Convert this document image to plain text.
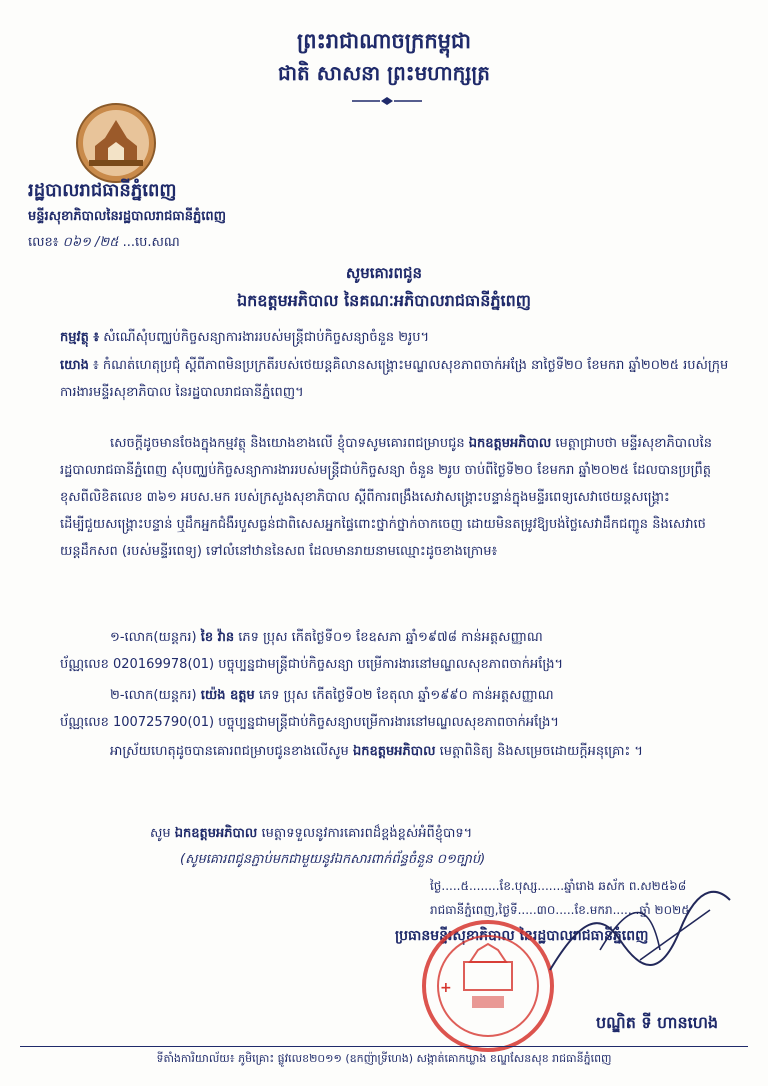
ព្រះរាជាណាចក្រកម្ពុជា
ជាតិ សាសនា ព្រះមហាក្សត្រ
រដ្ឋបាលរាជធានីភ្នំពេញ
មន្ទីរសុខាភិបាលនៃរដ្ឋបាលរាជធានីភ្នំពេញ
លេខ៖ ០៦១ /២៥ ...បេ.សណ
សូមគោរពជូន
ឯកឧត្តមអភិបាល នៃគណៈអភិបាលរាជធានីភ្នំពេញ
កម្មវត្ថុ ៖ សំណើសុំបញ្ឈប់កិច្ចសន្យាការងាររបស់មន្ត្រីជាប់កិច្ចសន្យាចំនួន ២រូប។
យោង ៖ កំណត់ហេតុប្រជុំ ស្តីពីភាពមិនប្រក្រតីរបស់ថេយន្តគិលានសង្គ្រោះមណ្ឌលសុខភាពចាក់អង្រែ នាថ្ងៃទី២០ ខែមករា ឆ្នាំ២០២៥ របស់ក្រុមការងារមន្ទីរសុខាភិបាល នៃរដ្ឋបាលរាជធានីភ្នំពេញ។
សេចក្តីដូចមានចែងក្នុងកម្មវត្ថុ និងយោងខាងលើ ខ្ញុំបាទសូមគោរពជម្រាបជូន ឯកឧត្តមអភិបាល មេត្តាជ្រាបថា មន្ទីរសុខាភិបាលនៃរដ្ឋបាលរាជធានីភ្នំពេញ សុំបញ្ឈប់កិច្ចសន្យាការងាររបស់មន្ត្រីជាប់កិច្ចសន្យា ចំនួន ២រូប ចាប់ពីថ្ងៃទី២០ ខែមករា ឆ្នាំ២០២៥ ដែលបានប្រព្រឹត្តខុសពីលិខិតលេខ ៣៦១ អបស.មក របស់ក្រសួងសុខាភិបាល ស្តីពីការពង្រឹងសេវាសង្គ្រោះបន្ទាន់ក្នុងមន្ទីរពេទ្យសេវាថេយន្តសង្គ្រោះ ដើម្បីជួយសង្គ្រោះបន្ទាន់ ឬដឹកអ្នកជំងឺរបួសធ្ងន់ជាពិសេសអ្នកផ្ទៃពោះថ្នាក់ថ្នាក់ចាកចេញ ដោយមិនតម្រូវឱ្យបង់ថ្លៃសេវាដឹកជញ្ជូន និងសេវាថេយន្តដឹកសព (របស់មន្ទីរពេទ្យ) ទៅលំនៅឋាននៃសព ដែលមានរាយនាមឈ្មោះដូចខាងក្រោម៖
១-លោក(យន្តករ) ខៃ វ៉ាន ភេទ ប្រុស កើតថ្ងៃទី០១ ខែឧសភា ឆ្នាំ១៩៧៨ កាន់អត្តសញ្ញាណ
ប័ណ្ណលេខ 020169978(01) បច្ចុប្បន្នជាមន្ត្រីជាប់កិច្ចសន្យា បម្រើការងារនៅមណ្ឌលសុខភាពចាក់អង្រែ។
២-លោក(យន្តករ) យ៉េង ឧត្តម ភេទ ប្រុស កើតថ្ងៃទី០២ ខែតុលា ឆ្នាំ១៩៩០ កាន់អត្តសញ្ញាណ
ប័ណ្ណលេខ 100725790(01) បច្ចុប្បន្នជាមន្ត្រីជាប់កិច្ចសន្យាបម្រើការងារនៅមណ្ឌលសុខភាពចាក់អង្រែ។
អាស្រ័យហេតុដូចបានគោរពជម្រាបជូនខាងលើសូម ឯកឧត្តមអភិបាល មេត្តាពិនិត្យ និងសម្រេចដោយក្តីអនុគ្រោះ ។
សូម ឯកឧត្តមអភិបាល មេត្តាទទួលនូវការគោរពដ៏ខ្ពង់ខ្ពស់អំពីខ្ញុំបាទ។
(សូមគោរពជូនភ្ជាប់មកជាមួយនូវឯកសារពាក់ព័ន្ធចំនួន ០១ច្បាប់)
ថ្ងៃ.....៥........ខែ.បុស្ស.......ឆ្នាំរោង ឆស័ក ព.ស២៥៦៨
រាជធានីភ្នំពេញ,ថ្ងៃទី.....៣០.....ខែ.មករា.......ឆ្នាំ ២០២៥
ប្រធានមន្ទីរសុខាភិបាល នៃរដ្ឋបាលរាជធានីភ្នំពេញ
+
បណ្ឌិត ទី ហានហេង
ទីតាំងការិយាល័យ៖ ភូមិគ្រោះ ផ្លូវលេខ២០១១ (ឧកញ៉ាទ្រីហេង) សង្កាត់គោកឃ្លាង ខណ្ឌសែនសុខ រាជធានីភ្នំពេញ
